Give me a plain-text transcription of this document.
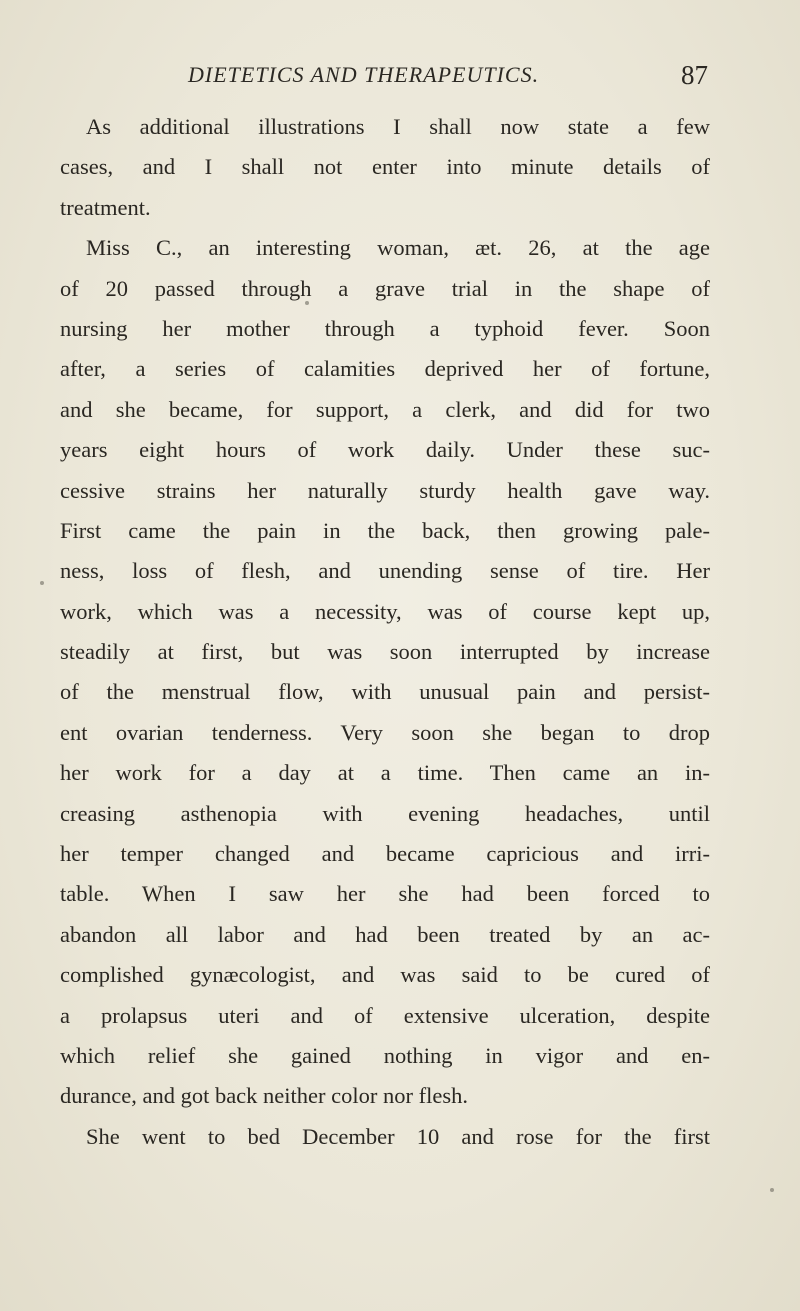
DIETETICS AND THERAPEUTICS.	87
As additional illustrations I shall now state a few
cases, and I shall not enter into minute details of
treatment.
Miss C., an interesting woman, æt. 26, at the age
of 20 passed through a grave trial in the shape of
nursing her mother through a typhoid fever. Soon
after, a series of calamities deprived her of fortune,
and she became, for support, a clerk, and did for two
years eight hours of work daily. Under these suc-
cessive strains her naturally sturdy health gave way.
First came the pain in the back, then growing pale-
ness, loss of flesh, and unending sense of tire. Her
work, which was a necessity, was of course kept up,
steadily at first, but was soon interrupted by increase
of the menstrual flow, with unusual pain and persist-
ent ovarian tenderness. Very soon she began to drop
her work for a day at a time. Then came an in-
creasing asthenopia with evening headaches, until
her temper changed and became capricious and irri-
table. When I saw her she had been forced to
abandon all labor and had been treated by an ac-
complished gynæcologist, and was said to be cured of
a prolapsus uteri and of extensive ulceration, despite
which relief she gained nothing in vigor and en-
durance, and got back neither color nor flesh.
She went to bed December 10 and rose for the first
